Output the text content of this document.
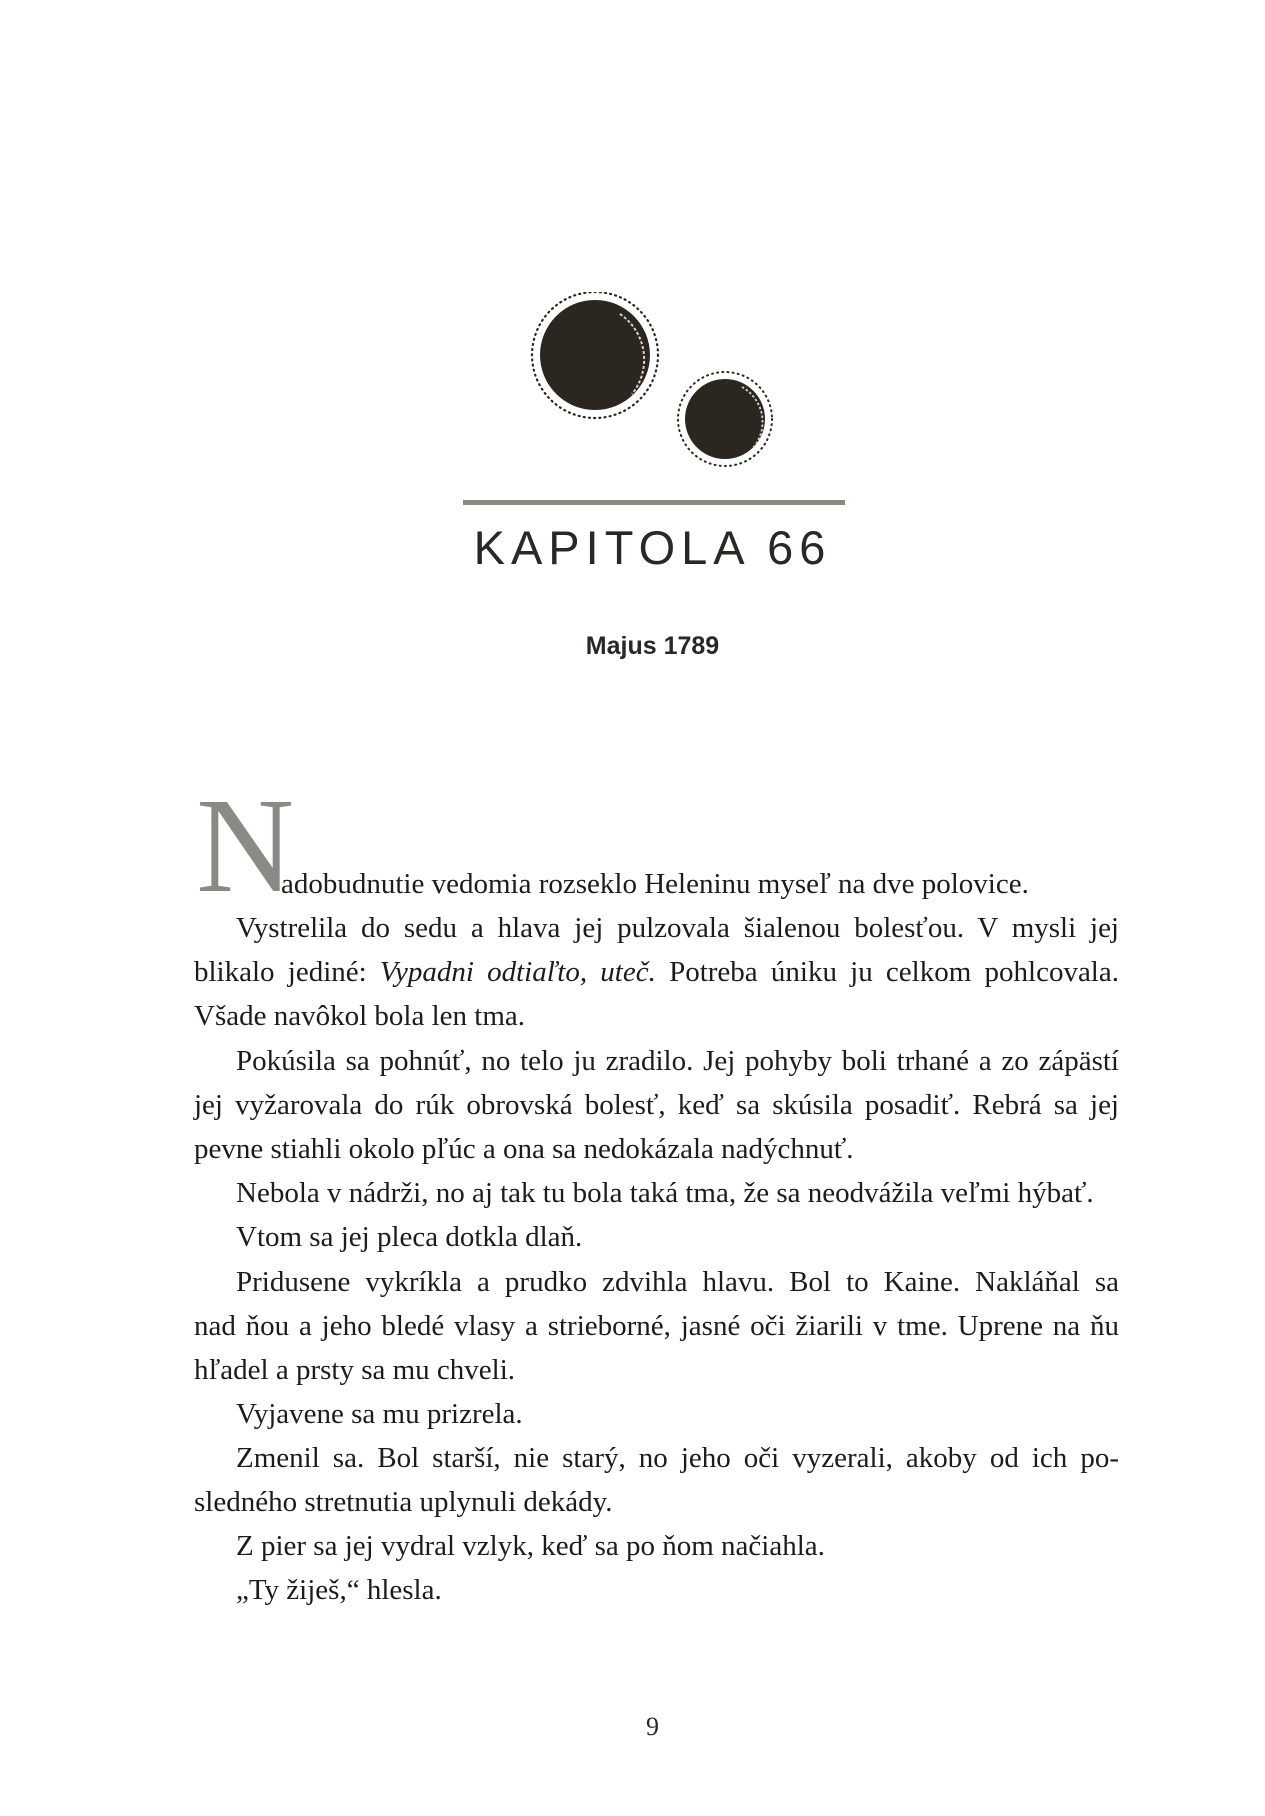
KAPITOLA 66

Majus 1789

N
adobudnutie vedomia rozseklo Heleninu myseľ na dve polovice.
Vystrelila do sedu a hlava jej pulzovala šialenou bolesťou. V mysli jej
blikalo jediné: Vypadni odtiaľto, uteč. Potreba úniku ju celkom pohlcovala.
Všade navôkol bola len tma.
Pokúsila sa pohnúť, no telo ju zradilo. Jej pohyby boli trhané a zo zápästí
jej vyžarovala do rúk obrovská bolesť, keď sa skúsila posadiť. Rebrá sa jej
pevne stiahli okolo pľúc a ona sa nedokázala nadýchnuť.
Nebola v nádrži, no aj tak tu bola taká tma, že sa neodvážila veľmi hýbať.
Vtom sa jej pleca dotkla dlaň.
Pridusene vykríkla a prudko zdvihla hlavu. Bol to Kaine. Nakláňal sa
nad ňou a jeho bledé vlasy a strieborné, jasné oči žiarili v tme. Uprene na ňu
hľadel a prsty sa mu chveli.
Vyjavene sa mu prizrela.
Zmenil sa. Bol starší, nie starý, no jeho oči vyzerali, akoby od ich po-
sledného stretnutia uplynuli dekády.
Z pier sa jej vydral vzlyk, keď sa po ňom načiahla.
„Ty žiješ,“ hlesla.
9
